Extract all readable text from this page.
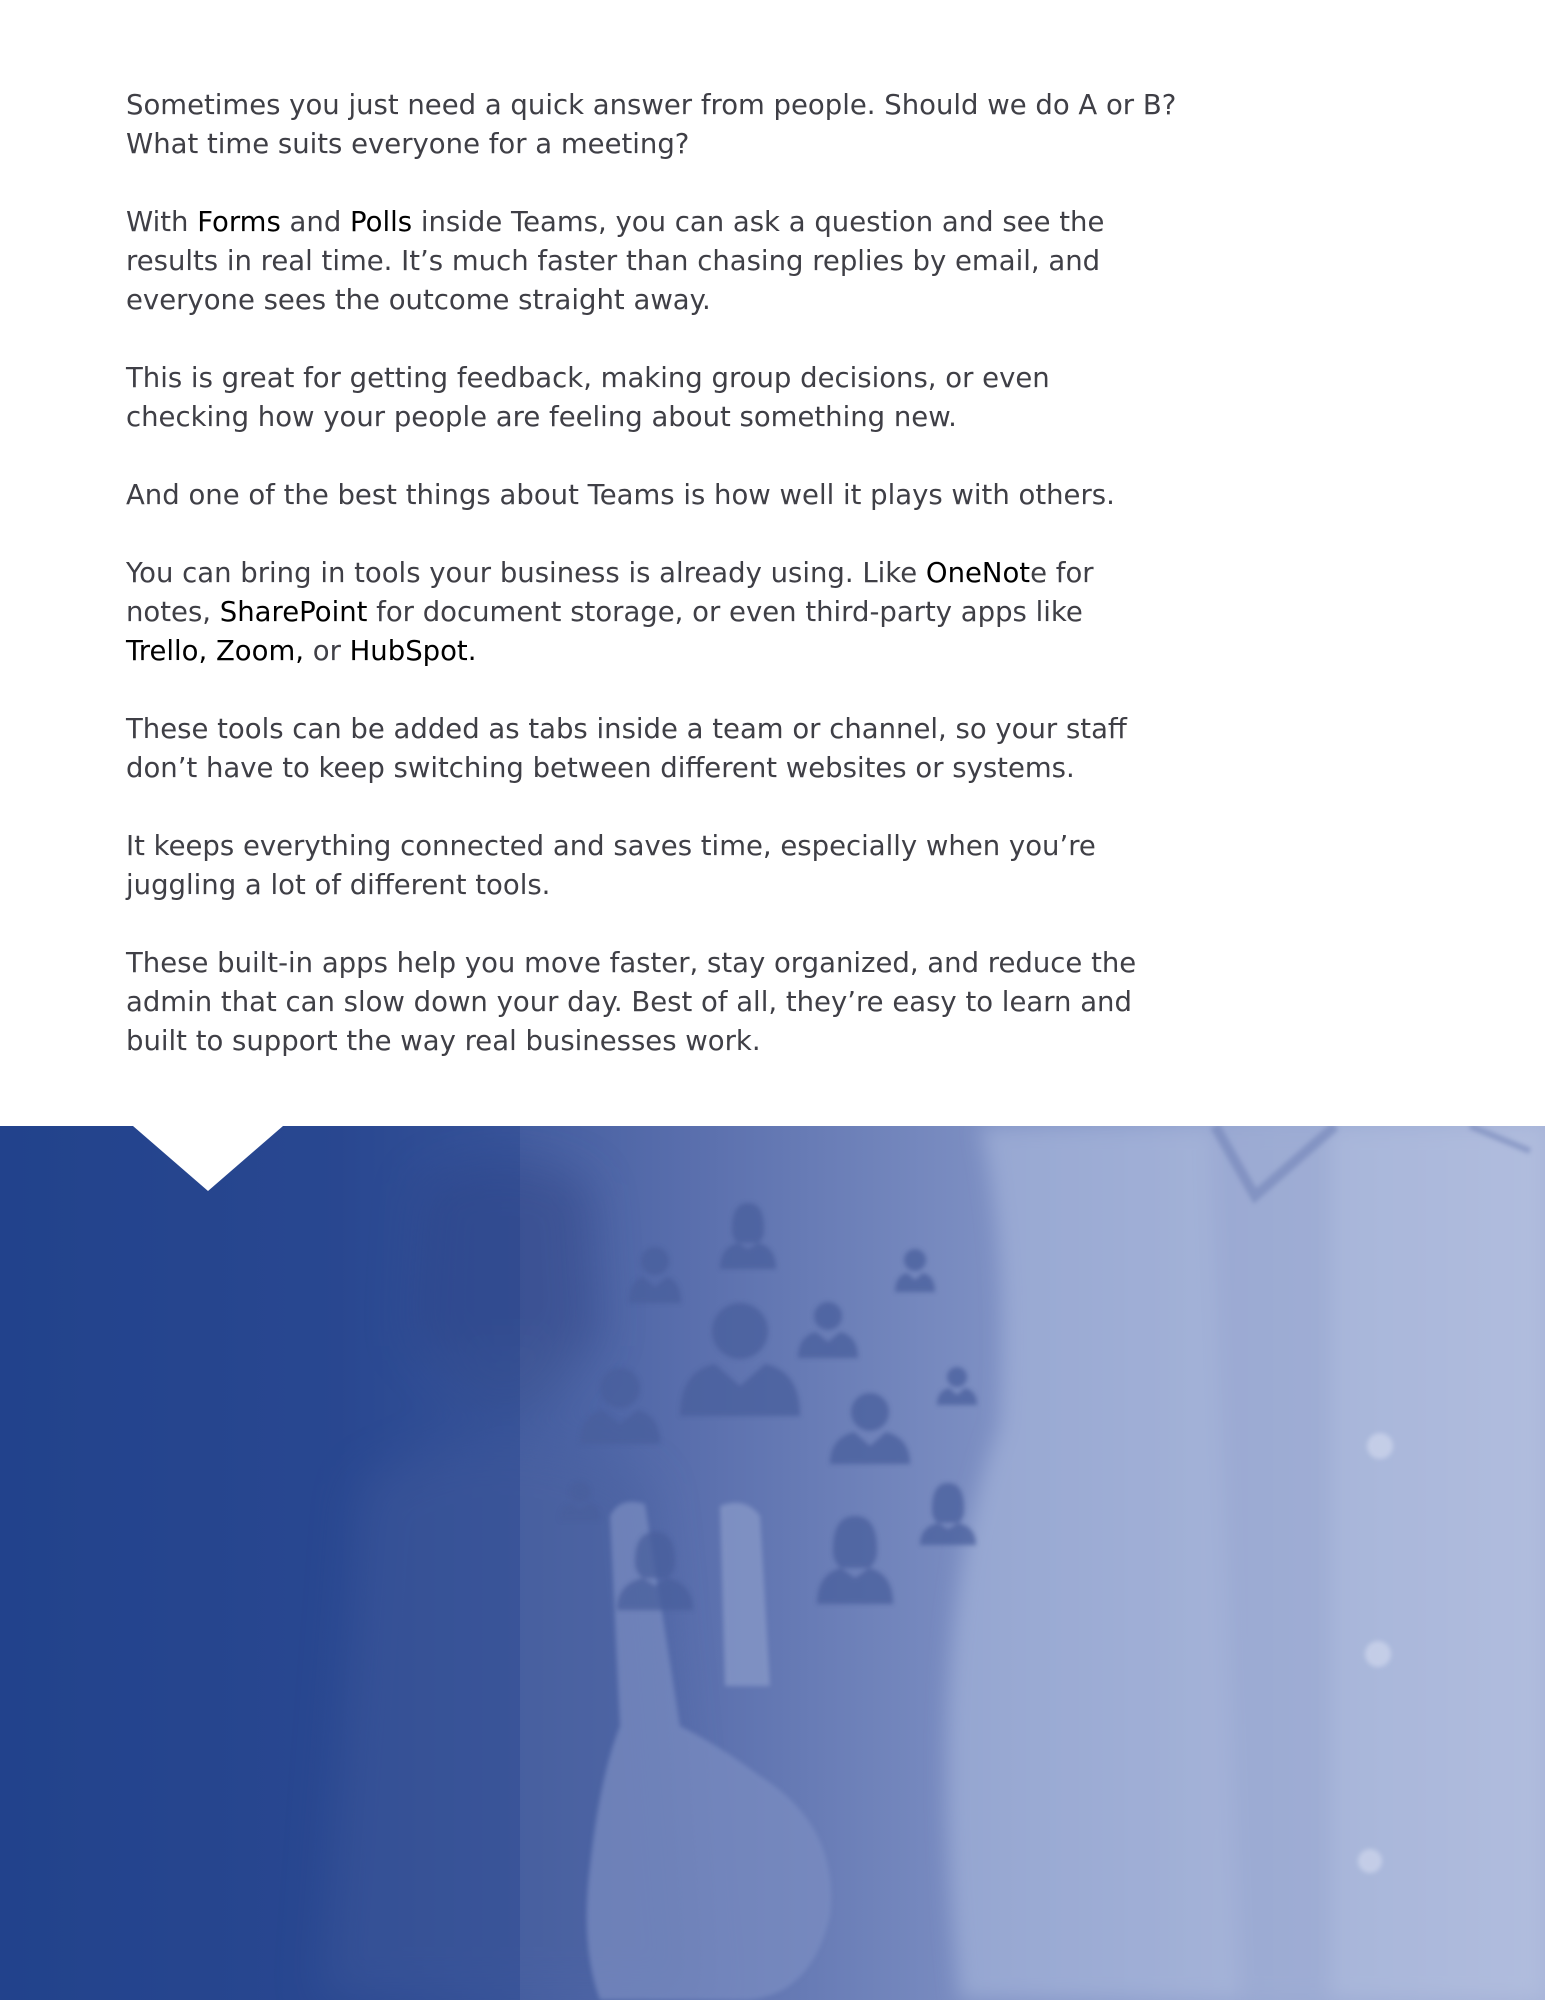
Sometimes you just need a quick answer from people. Should we do A or B?
What time suits everyone for a meeting?

With Forms and Polls inside Teams, you can ask a question and see the
results in real time. It’s much faster than chasing replies by email, and
everyone sees the outcome straight away.

This is great for getting feedback, making group decisions, or even
checking how your people are feeling about something new.

And one of the best things about Teams is how well it plays with others.

You can bring in tools your business is already using. Like OneNote for
notes, SharePoint for document storage, or even third-party apps like
Trello, Zoom, or HubSpot.

These tools can be added as tabs inside a team or channel, so your staff
don’t have to keep switching between different websites or systems.

It keeps everything connected and saves time, especially when you’re
juggling a lot of different tools.

These built-in apps help you move faster, stay organized, and reduce the
admin that can slow down your day. Best of all, they’re easy to learn and
built to support the way real businesses work.
